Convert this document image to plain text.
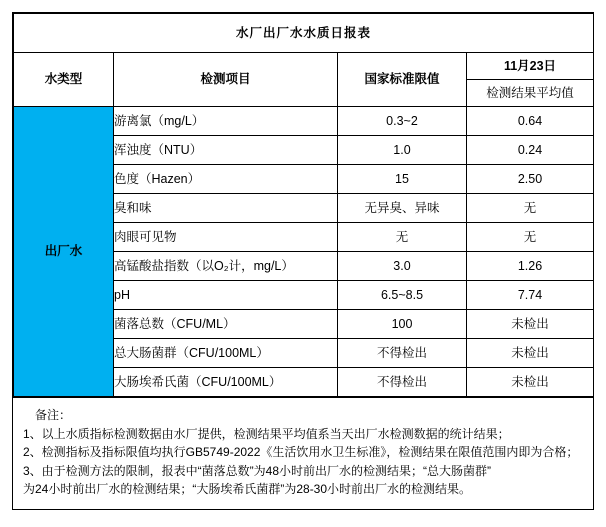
水厂出厂水水质日报表			
水类型	检测项目	国家标准限值	11月23日
			检测结果平均值
出厂水	游离氯（mg/L）	0.3~2	0.64
	浑浊度（NTU）	1.0	0.24
	色度（Hazen）	15	2.50
	臭和味	无异臭、异味	无
	肉眼可见物	无	无
	高锰酸盐指数（以O₂计，mg/L）	3.0	1.26
	pH	6.5~8.5	7.74
	菌落总数（CFU/ML）	100	未检出
	总大肠菌群（CFU/100ML）	不得检出	未检出
	大肠埃希氏菌（CFU/100ML）	不得检出	未检出
备注：
1、以上水质指标检测数据由水厂提供，检测结果平均值系当天出厂水检测数据的统计结果；
2、检测指标及指标限值均执行GB5749-2022《生活饮用水卫生标准》，检测结果在限值范围内即为合格；
3、由于检测方法的限制，报表中“菌落总数”为48小时前出厂水的检测结果；“总大肠菌群”
为24小时前出厂水的检测结果；“大肠埃希氏菌群”为28-30小时前出厂水的检测结果。
